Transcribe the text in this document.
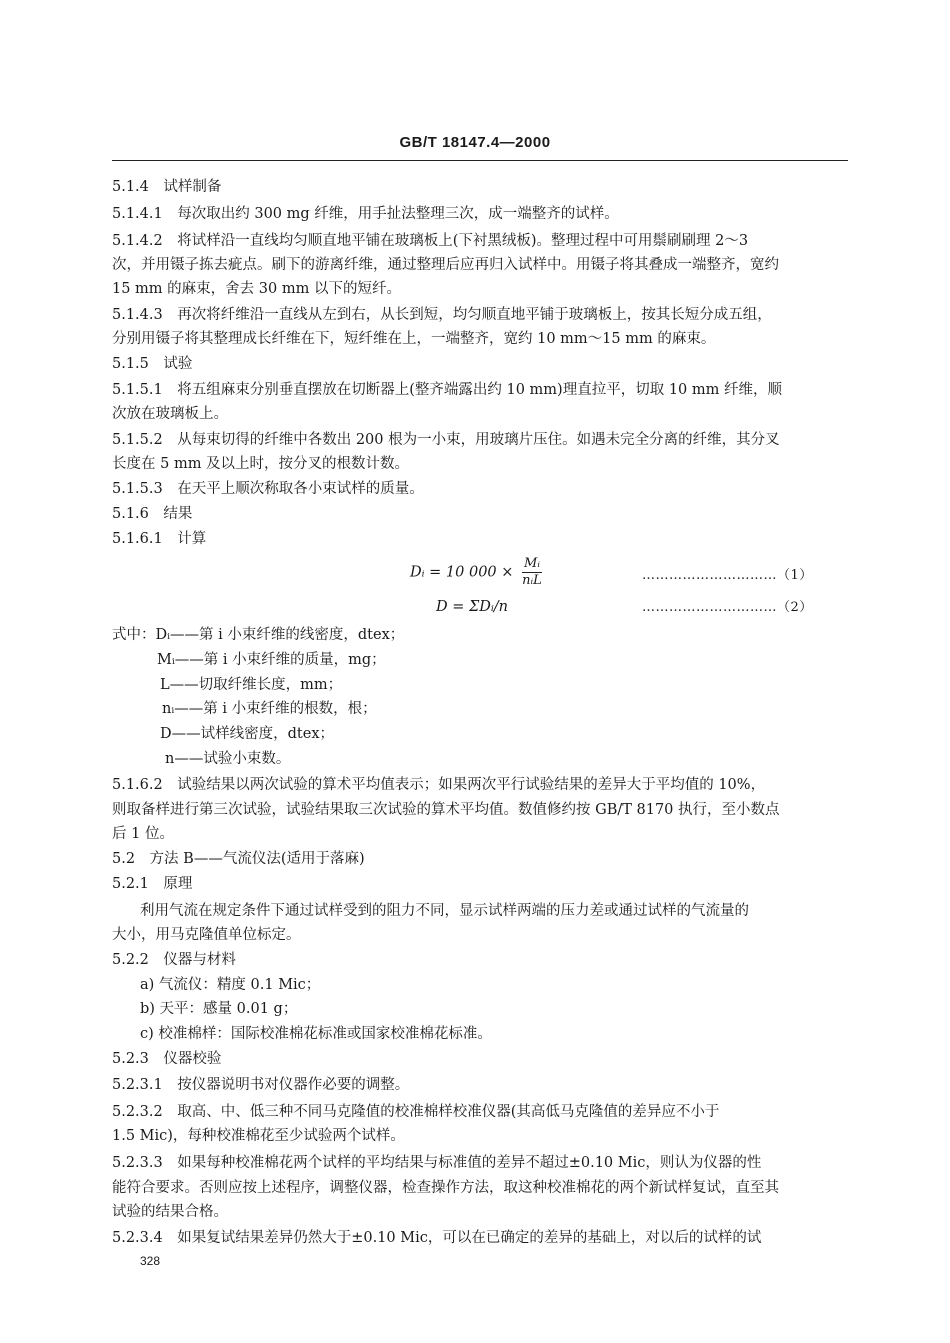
GB/T 18147.4—2000
5.1.4　试样制备
5.1.4.1　每次取出约 300 mg 纤维，用手扯法整理三次，成一端整齐的试样。
5.1.4.2　将试样沿一直线均匀顺直地平铺在玻璃板上(下衬黑绒板)。整理过程中可用鬃刷刷理 2～3
次，并用镊子拣去疵点。刷下的游离纤维，通过整理后应再归入试样中。用镊子将其叠成一端整齐，宽约
15 mm 的麻束，舍去 30 mm 以下的短纤。
5.1.4.3　再次将纤维沿一直线从左到右，从长到短，均匀顺直地平铺于玻璃板上，按其长短分成五组，
分别用镊子将其整理成长纤维在下，短纤维在上，一端整齐，宽约 10 mm～15 mm 的麻束。
5.1.5　试验
5.1.5.1　将五组麻束分别垂直摆放在切断器上(整齐端露出约 10 mm)理直拉平，切取 10 mm 纤维，顺
次放在玻璃板上。
5.1.5.2　从每束切得的纤维中各数出 200 根为一小束，用玻璃片压住。如遇未完全分离的纤维，其分叉
长度在 5 mm 及以上时，按分叉的根数计数。
5.1.5.3　在天平上顺次称取各小束试样的质量。
5.1.6　结果
5.1.6.1　计算
Dᵢ = 10 $000 \times \frac{\text{Mᵢ}}{\text{nᵢL}}$	…………………………（1）
D = ΣDᵢ/n	…………………………（2）
式中：Dᵢ——第 i 小束纤维的线密度，dtex；
Mᵢ——第 i 小束纤维的质量，mg；
L——切取纤维长度，mm；
nᵢ——第 i 小束纤维的根数，根；
D——试样线密度，dtex；
n——试验小束数。
5.1.6.2　试验结果以两次试验的算术平均值表示；如果两次平行试验结果的差异大于平均值的 10%，
则取备样进行第三次试验，试验结果取三次试验的算术平均值。数值修约按 GB/T 8170 执行，至小数点
后 1 位。
5.2　方法 B——气流仪法(适用于落麻)
5.2.1　原理
利用气流在规定条件下通过试样受到的阻力不同，显示试样两端的压力差或通过试样的气流量的
大小，用马克隆值单位标定。
5.2.2　仪器与材料
a) 气流仪：精度 0.1 Mic；
b) 天平：感量 0.01 g；
c) 校准棉样：国际校准棉花标准或国家校准棉花标准。
5.2.3　仪器校验
5.2.3.1　按仪器说明书对仪器作必要的调整。
5.2.3.2　取高、中、低三种不同马克隆值的校准棉样校准仪器(其高低马克隆值的差异应不小于
1.5 Mic)，每种校准棉花至少试验两个试样。
5.2.3.3　如果每种校准棉花两个试样的平均结果与标准值的差异不超过±0.10 Mic，则认为仪器的性
能符合要求。否则应按上述程序，调整仪器，检查操作方法，取这种校准棉花的两个新试样复试，直至其
试验的结果合格。
5.2.3.4　如果复试结果差异仍然大于±0.10 Mic，可以在已确定的差异的基础上，对以后的试样的试
328
